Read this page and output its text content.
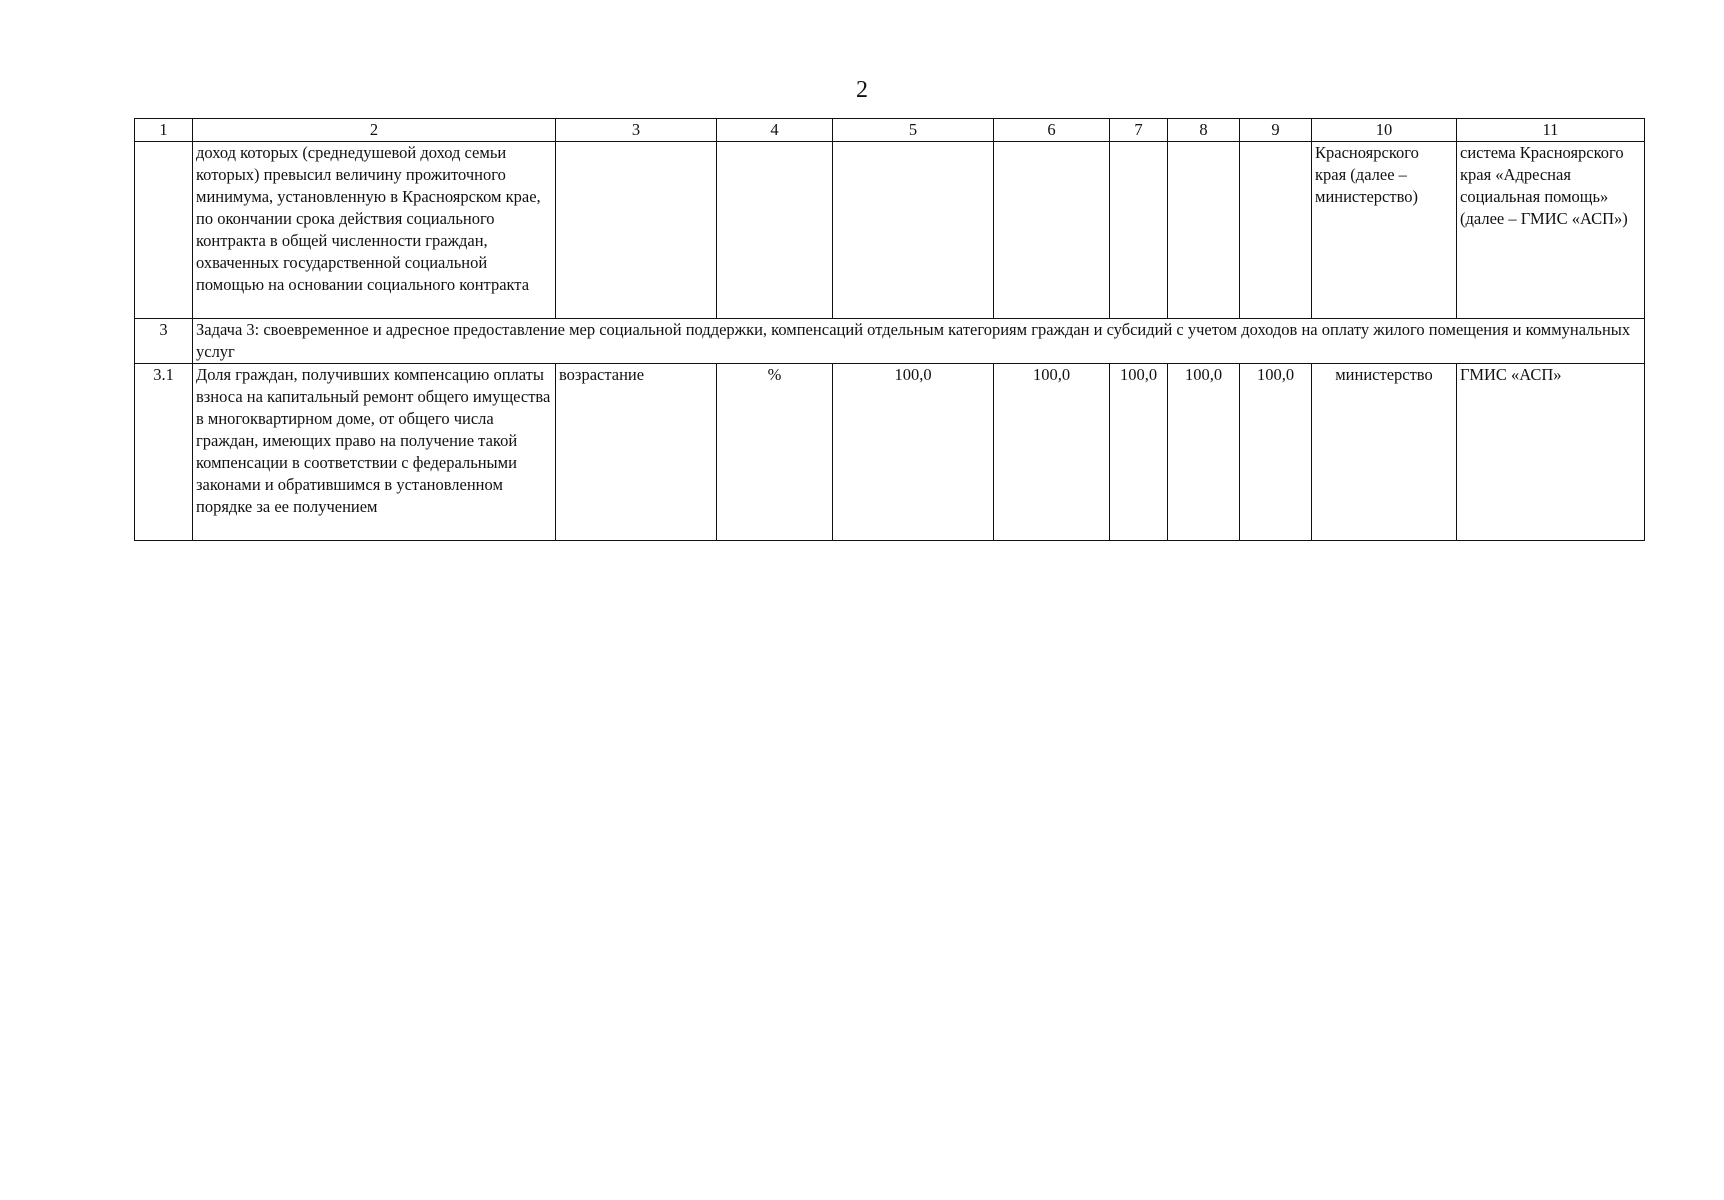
2
1	2	3	4	5	6	7	8	9	10	11
	доход которых (среднедушевой доход семьи которых) превысил величину прожиточного минимума, установленную в Красноярском крае, по окончании срока действия социального контракта в общей численности граждан, охваченных государственной социальной помощью на основании социального контракта								Красноярского края (далее – министерство)	система Красноярского края «Адресная социальная помощь» (далее – ГМИС «АСП»)
3	Задача 3: своевременное и адресное предоставление мер социальной поддержки, компенсаций отдельным категориям граждан и субсидий с учетом доходов на оплату жилого помещения и коммунальных услуг									
3.1	Доля граждан, получивших компенсацию оплаты взноса на капитальный ремонт общего имущества в многоквартирном доме, от общего числа граждан, имеющих право на получение такой компенсации в соответствии с федеральными законами и обратившимся в установленном порядке за ее получением	возрастание	%	100,0	100,0	100,0	100,0	100,0	министерство	ГМИС «АСП»
